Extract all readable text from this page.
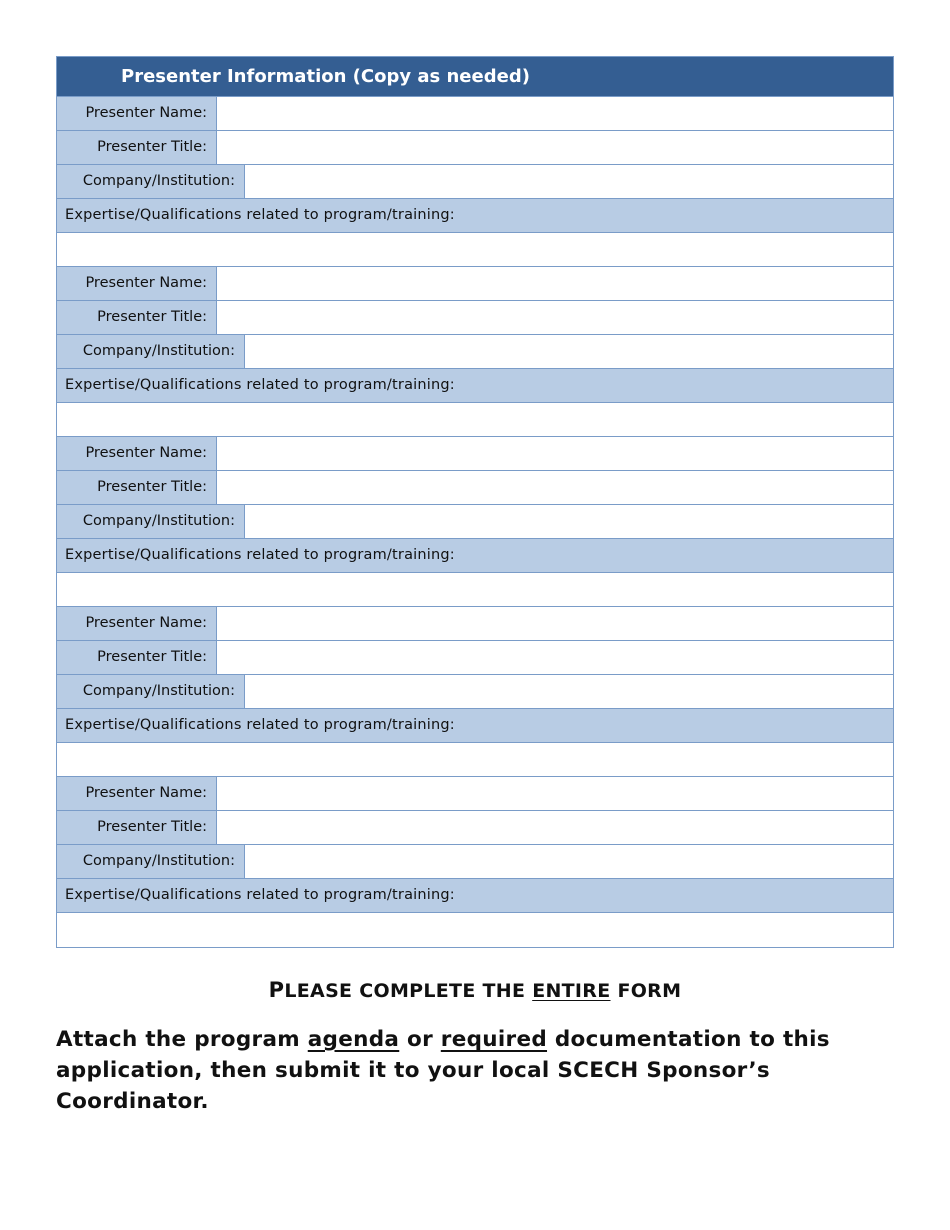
Presenter Information (Copy as needed)
Presenter Name:
Presenter Title:
Company/Institution:
Expertise/Qualifications related to program/training:
Presenter Name:
Presenter Title:
Company/Institution:
Expertise/Qualifications related to program/training:
Presenter Name:
Presenter Title:
Company/Institution:
Expertise/Qualifications related to program/training:
Presenter Name:
Presenter Title:
Company/Institution:
Expertise/Qualifications related to program/training:
Presenter Name:
Presenter Title:
Company/Institution:
Expertise/Qualifications related to program/training:
PLEASE COMPLETE THE ENTIRE FORM
Attach the program agenda or required documentation to this application, then submit it to your local SCECH Sponsor’s Coordinator.
